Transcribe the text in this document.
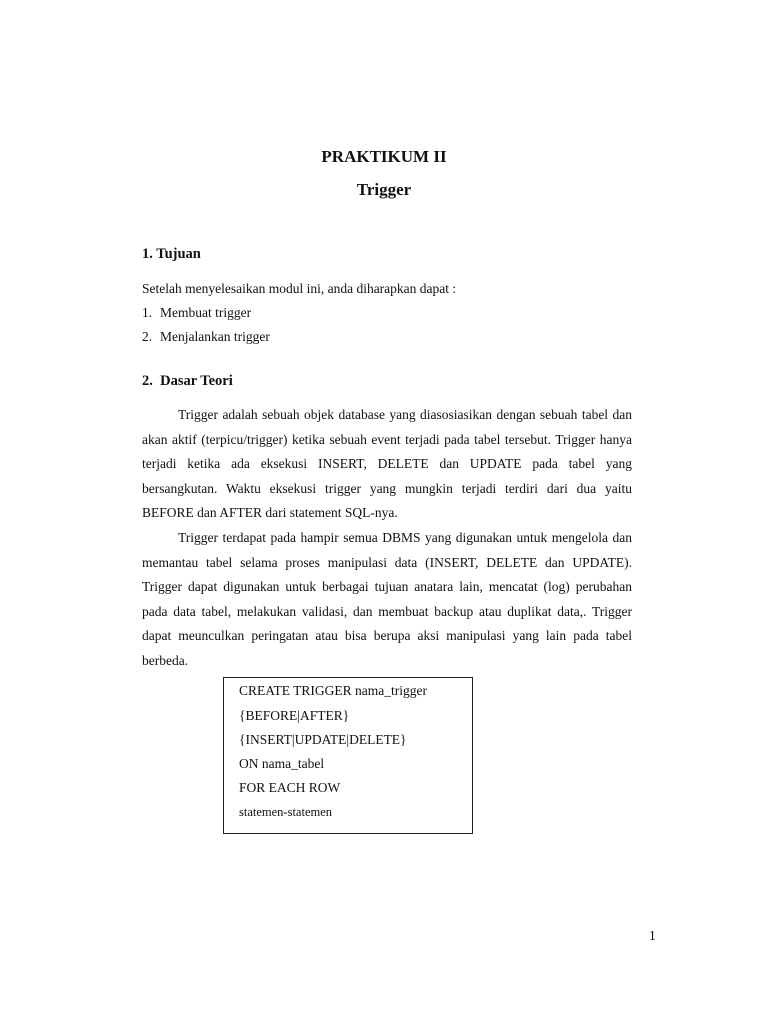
PRAKTIKUM II
Trigger
1. Tujuan

Setelah menyelesaikan modul ini, anda diharapkan dapat :

1. Membuat trigger

2. Menjalankan trigger

2. Dasar Teori

Trigger adalah sebuah objek database yang diasosiasikan dengan sebuah tabel dan akan aktif (terpicu/trigger) ketika sebuah event terjadi pada tabel tersebut. Trigger hanya terjadi ketika ada eksekusi INSERT, DELETE dan UPDATE pada tabel yang bersangkutan. Waktu eksekusi trigger yang mungkin terjadi terdiri dari dua yaitu BEFORE dan AFTER dari statement SQL-nya.

Trigger terdapat pada hampir semua DBMS yang digunakan untuk mengelola dan memantau tabel selama proses manipulasi data (INSERT, DELETE dan UPDATE). Trigger dapat digunakan untuk berbagai tujuan anatara lain, mencatat (log) perubahan pada data tabel, melakukan validasi, dan membuat backup atau duplikat data,. Trigger dapat meunculkan peringatan atau bisa berupa aksi manipulasi yang lain pada tabel berbeda.

CREATE TRIGGER nama_trigger

{BEFORE|AFTER}

{INSERT|UPDATE|DELETE}

ON nama_tabel

FOR EACH ROW

statemen-statemen

1
